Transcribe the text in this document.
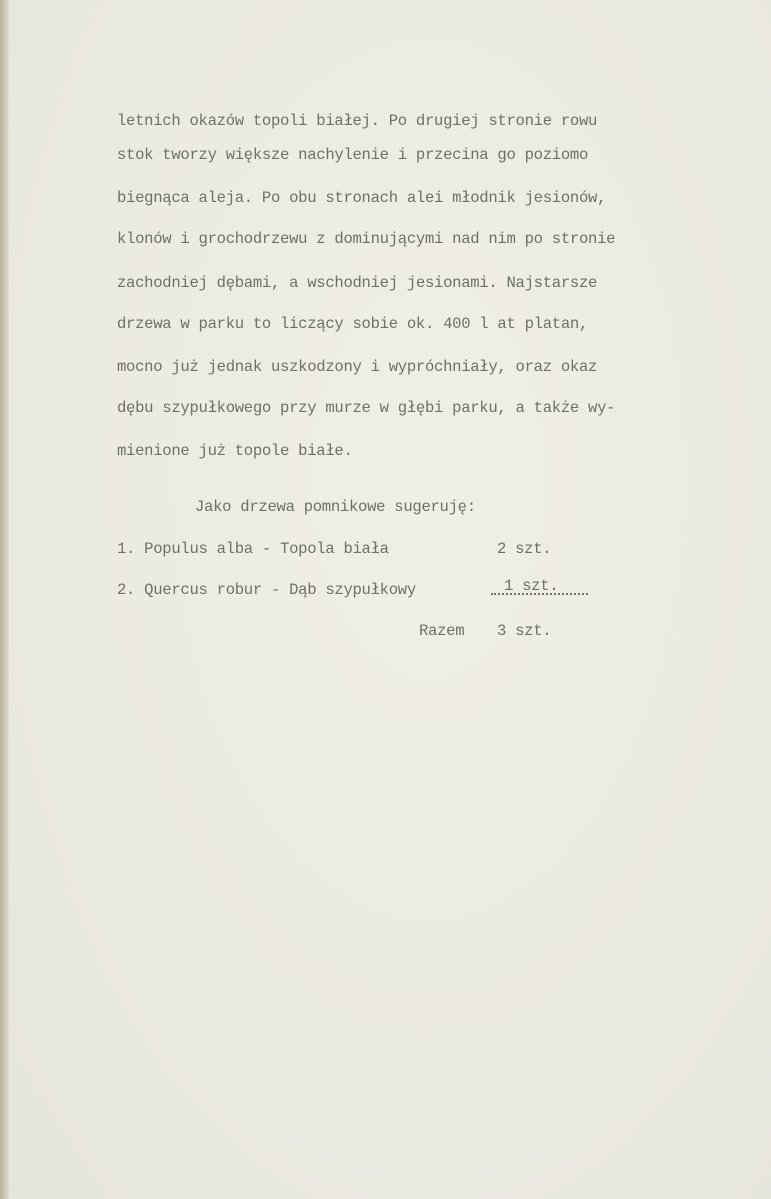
letnich okazów topoli białej. Po drugiej stronie rowu

stok tworzy większe nachylenie i przecina go poziomo

biegnąca aleja. Po obu stronach alei młodnik jesionów,

klonów i grochodrzewu z dominującymi nad nim po stronie

zachodniej dębami, a wschodniej jesionami. Najstarsze

drzewa w parku to liczący sobie ok. 400 l at platan,

mocno już jednak uszkodzony i wypróchniały, oraz okaz

dębu szypułkowego przy murze w głębi parku, a także wy-

mienione już topole białe.

Jako drzewa pomnikowe sugeruję:
1. Populus alba - Topola biała	2 szt.
2. Quercus robur - Dąb szypułkowy	1 szt.
Razem 3 szt.
